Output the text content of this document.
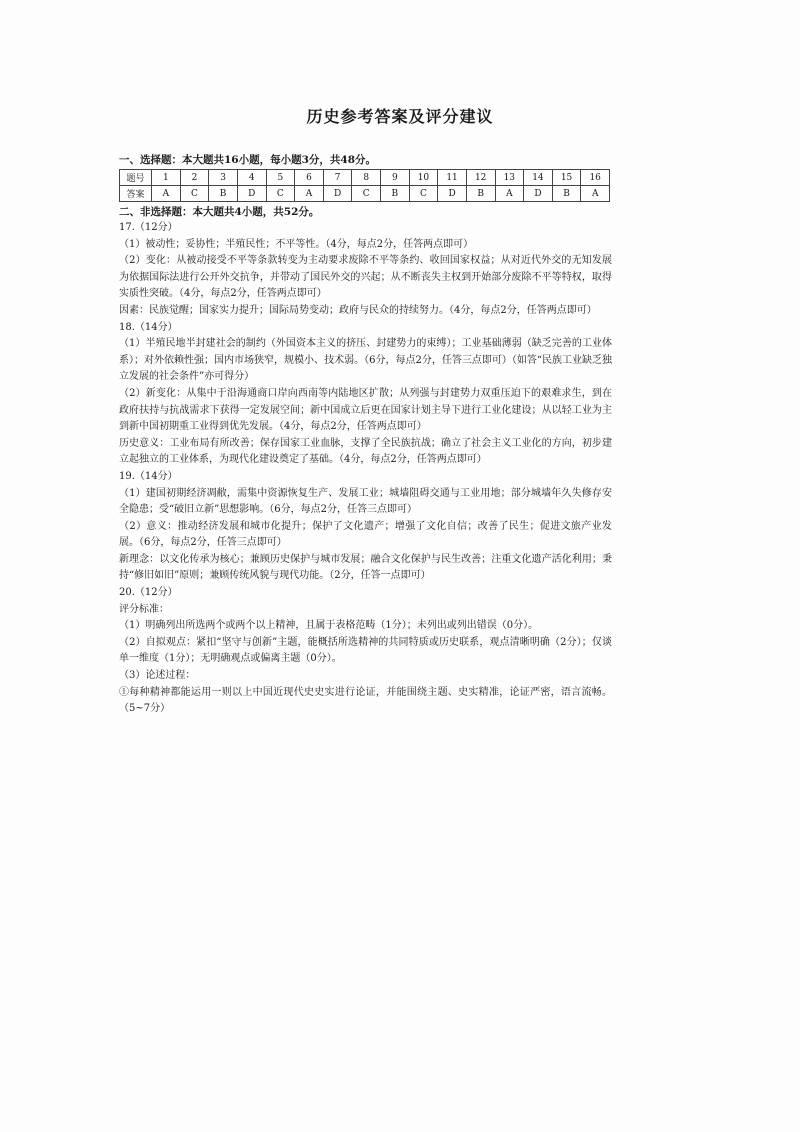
历史参考答案及评分建议
一、选择题：本大题共16小题，每小题3分，共48分。
题号	1	2	3	4	5	6	7	8	9	10	11	12	13	14	15	16
答案	A	C	B	D	C	A	D	C	B	C	D	B	A	D	B	A
二、非选择题：本大题共4小题，共52分。

17.（12分）

（1）被动性；妥协性；半殖民性；不平等性。（4分，每点2分，任答两点即可）

（2）变化：从被动接受不平等条款转变为主动要求废除不平等条约、收回国家权益；从对近代外交的无知发展为依据国际法进行公开外交抗争，并带动了国民外交的兴起；从不断丧失主权到开始部分废除不平等特权，取得实质性突破。（4分，每点2分，任答两点即可）

因素：民族觉醒；国家实力提升；国际局势变动；政府与民众的持续努力。（4分，每点2分，任答两点即可）

18.（14分）

（1）半殖民地半封建社会的制约（外国资本主义的挤压、封建势力的束缚）；工业基础薄弱（缺乏完善的工业体系）；对外依赖性强；国内市场狭窄，规模小、技术弱。（6分，每点2分，任答三点即可）（如答“民族工业缺乏独立发展的社会条件”亦可得分）

（2）新变化：从集中于沿海通商口岸向西南等内陆地区扩散；从列强与封建势力双重压迫下的艰难求生，到在政府扶持与抗战需求下获得一定发展空间；新中国成立后更在国家计划主导下进行工业化建设；从以轻工业为主到新中国初期重工业得到优先发展。（4分，每点2分，任答两点即可）

历史意义：工业布局有所改善；保存国家工业血脉，支撑了全民族抗战；确立了社会主义工业化的方向，初步建立起独立的工业体系，为现代化建设奠定了基础。（4分，每点2分，任答两点即可）

19.（14分）

（1）建国初期经济凋敝，需集中资源恢复生产、发展工业；城墙阻碍交通与工业用地；部分城墙年久失修存安全隐患；受“破旧立新”思想影响。（6分，每点2分，任答三点即可）

（2）意义：推动经济发展和城市化提升；保护了文化遗产；增强了文化自信；改善了民生；促进文旅产业发展。（6分，每点2分，任答三点即可）

新理念：以文化传承为核心；兼顾历史保护与城市发展；融合文化保护与民生改善；注重文化遗产活化利用；秉持“修旧如旧”原则；兼顾传统风貌与现代功能。（2分，任答一点即可）

20.（12分）

评分标准：

（1）明确列出所选两个或两个以上精神，且属于表格范畴（1分）；未列出或列出错误（0分）。

（2）自拟观点：紧扣“坚守与创新”主题，能概括所选精神的共同特质或历史联系，观点清晰明确（2分）；仅谈单一维度（1分）；无明确观点或偏离主题（0分）。

（3）论述过程：

①每种精神都能运用一则以上中国近现代史史实进行论证，并能围绕主题、史实精准，论证严密，语言流畅。（5~7分）
